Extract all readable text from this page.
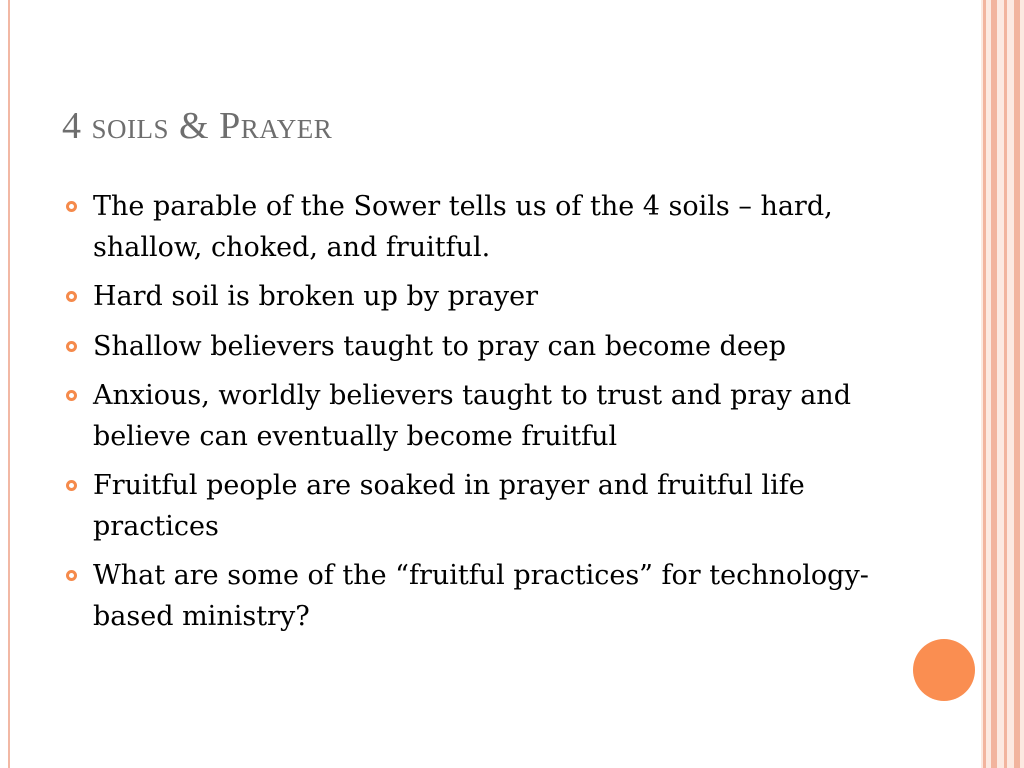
4 soils & Prayer
The parable of the Sower tells us of the 4 soils – hard, shallow, choked, and fruitful.
Hard soil is broken up by prayer
Shallow believers taught to pray can become deep
Anxious, worldly believers taught to trust and pray and believe can eventually become fruitful
Fruitful people are soaked in prayer and fruitful life practices
What are some of the “fruitful practices” for technology-based ministry?
